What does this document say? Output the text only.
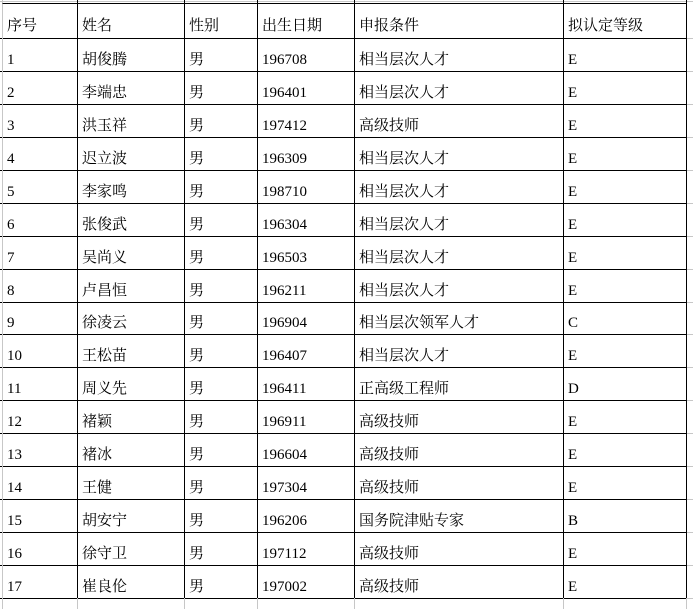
序号	姓名	性别	出生日期	申报条件	拟认定等级
1	胡俊腾	男	196708	相当层次人才	E
2	李端忠	男	196401	相当层次人才	E
3	洪玉祥	男	197412	高级技师	E
4	迟立波	男	196309	相当层次人才	E
5	李家鸣	男	198710	相当层次人才	E
6	张俊武	男	196304	相当层次人才	E
7	吴尚义	男	196503	相当层次人才	E
8	卢昌恒	男	196211	相当层次人才	E
9	徐凌云	男	196904	相当层次领军人才	C
10	王松苗	男	196407	相当层次人才	E
11	周义先	男	196411	正高级工程师	D
12	褚颖	男	196911	高级技师	E
13	褚冰	男	196604	高级技师	E
14	王健	男	197304	高级技师	E
15	胡安宁	男	196206	国务院津贴专家	B
16	徐守卫	男	197112	高级技师	E
17	崔良伦	男	197002	高级技师	E
